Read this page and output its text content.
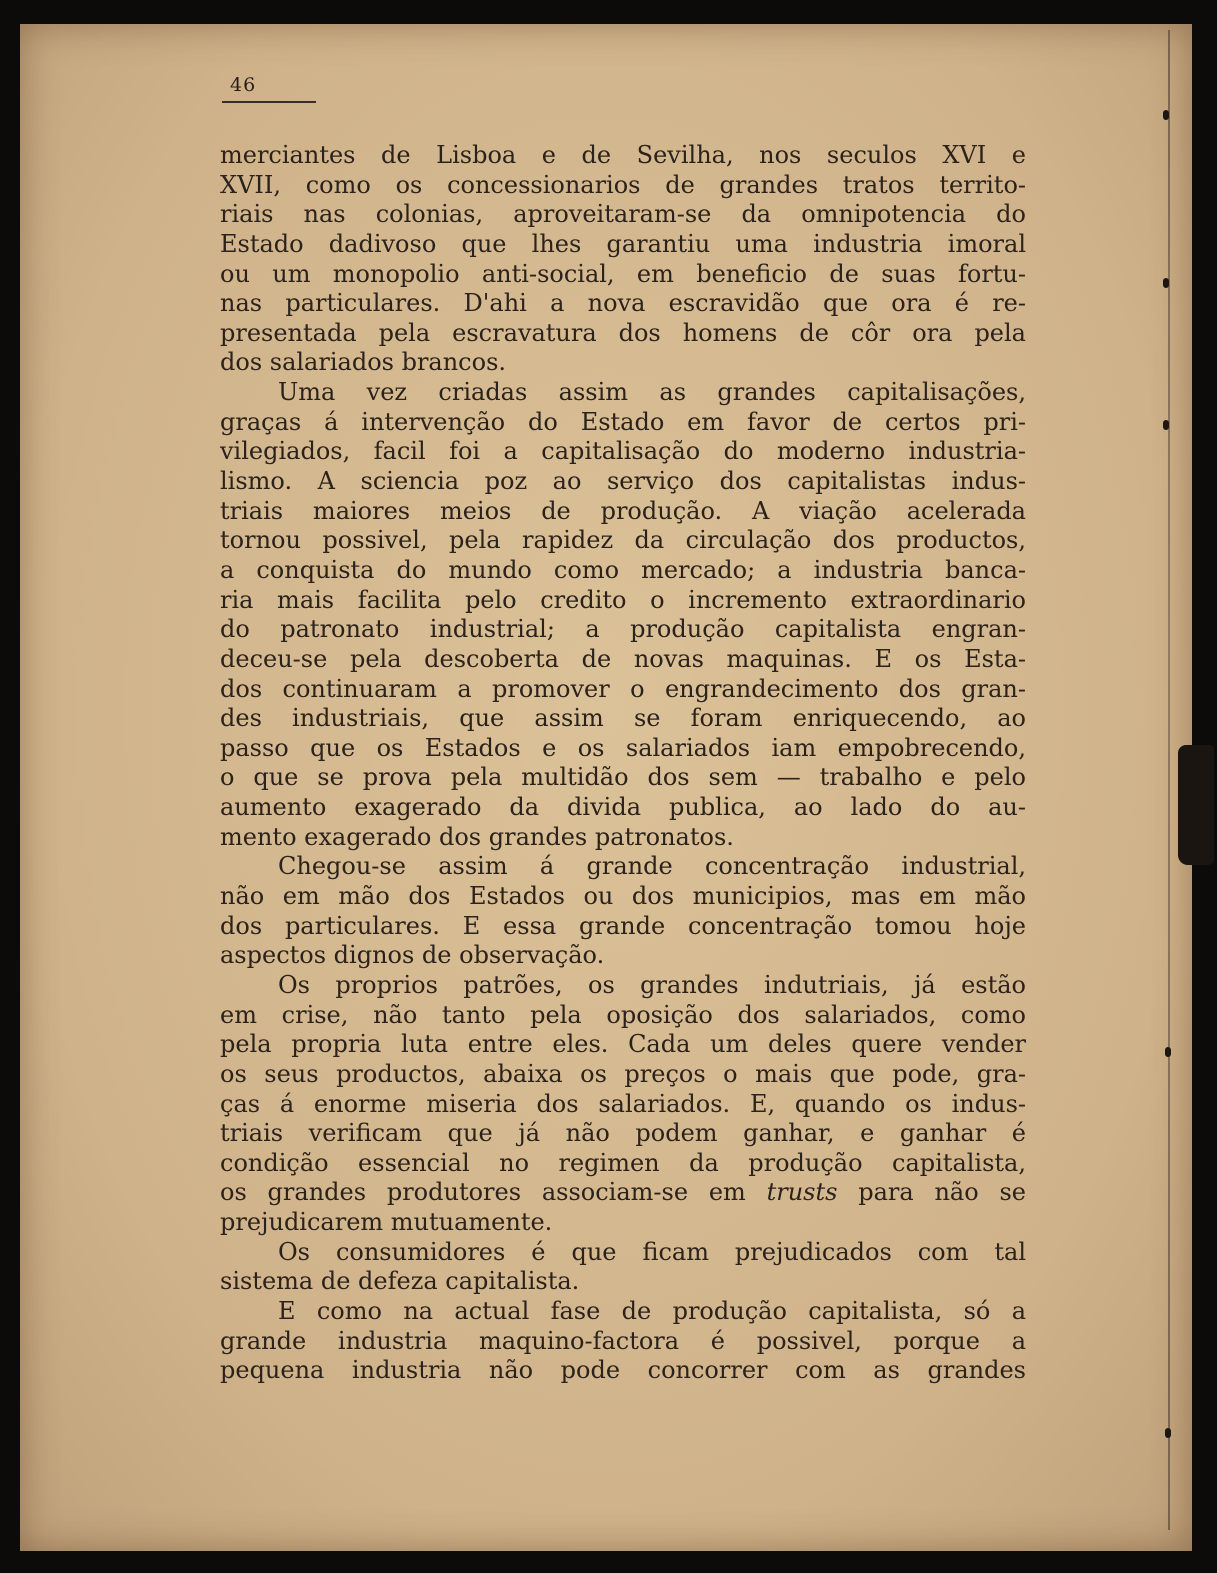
46
merciantes de Lisboa e de Sevilha, nos seculos XVI e
XVII, como os concessionarios de grandes tratos territo-
riais nas colonias, aproveitaram-se da omnipotencia do
Estado dadivoso que lhes garantiu uma industria imoral
ou um monopolio anti-social, em beneficio de suas fortu-
nas particulares. D'ahi a nova escravidão que ora é re-
presentada pela escravatura dos homens de côr ora pela
dos salariados brancos.
Uma vez criadas assim as grandes capitalisações,
graças á intervenção do Estado em favor de certos pri-
vilegiados, facil foi a capitalisação do moderno industria-
lismo. A sciencia poz ao serviço dos capitalistas indus-
triais maiores meios de produção. A viação acelerada
tornou possivel, pela rapidez da circulação dos productos,
a conquista do mundo como mercado; a industria banca-
ria mais facilita pelo credito o incremento extraordinario
do patronato industrial; a produção capitalista engran-
deceu-se pela descoberta de novas maquinas. E os Esta-
dos continuaram a promover o engrandecimento dos gran-
des industriais, que assim se foram enriquecendo, ao
passo que os Estados e os salariados iam empobrecendo,
o que se prova pela multidão dos sem — trabalho e pelo
aumento exagerado da divida publica, ao lado do au-
mento exagerado dos grandes patronatos.
Chegou-se assim á grande concentração industrial,
não em mão dos Estados ou dos municipios, mas em mão
dos particulares. E essa grande concentração tomou hoje
aspectos dignos de observação.
Os proprios patrões, os grandes indutriais, já estão
em crise, não tanto pela oposição dos salariados, como
pela propria luta entre eles. Cada um deles quere vender
os seus productos, abaixa os preços o mais que pode, gra-
ças á enorme miseria dos salariados. E, quando os indus-
triais verificam que já não podem ganhar, e ganhar é
condição essencial no regimen da produção capitalista,
os grandes produtores associam-se em trusts para não se
prejudicarem mutuamente.
Os consumidores é que ficam prejudicados com tal
sistema de defeza capitalista.
E como na actual fase de produção capitalista, só a
grande industria maquino-factora é possivel, porque a
pequena industria não pode concorrer com as grandes
